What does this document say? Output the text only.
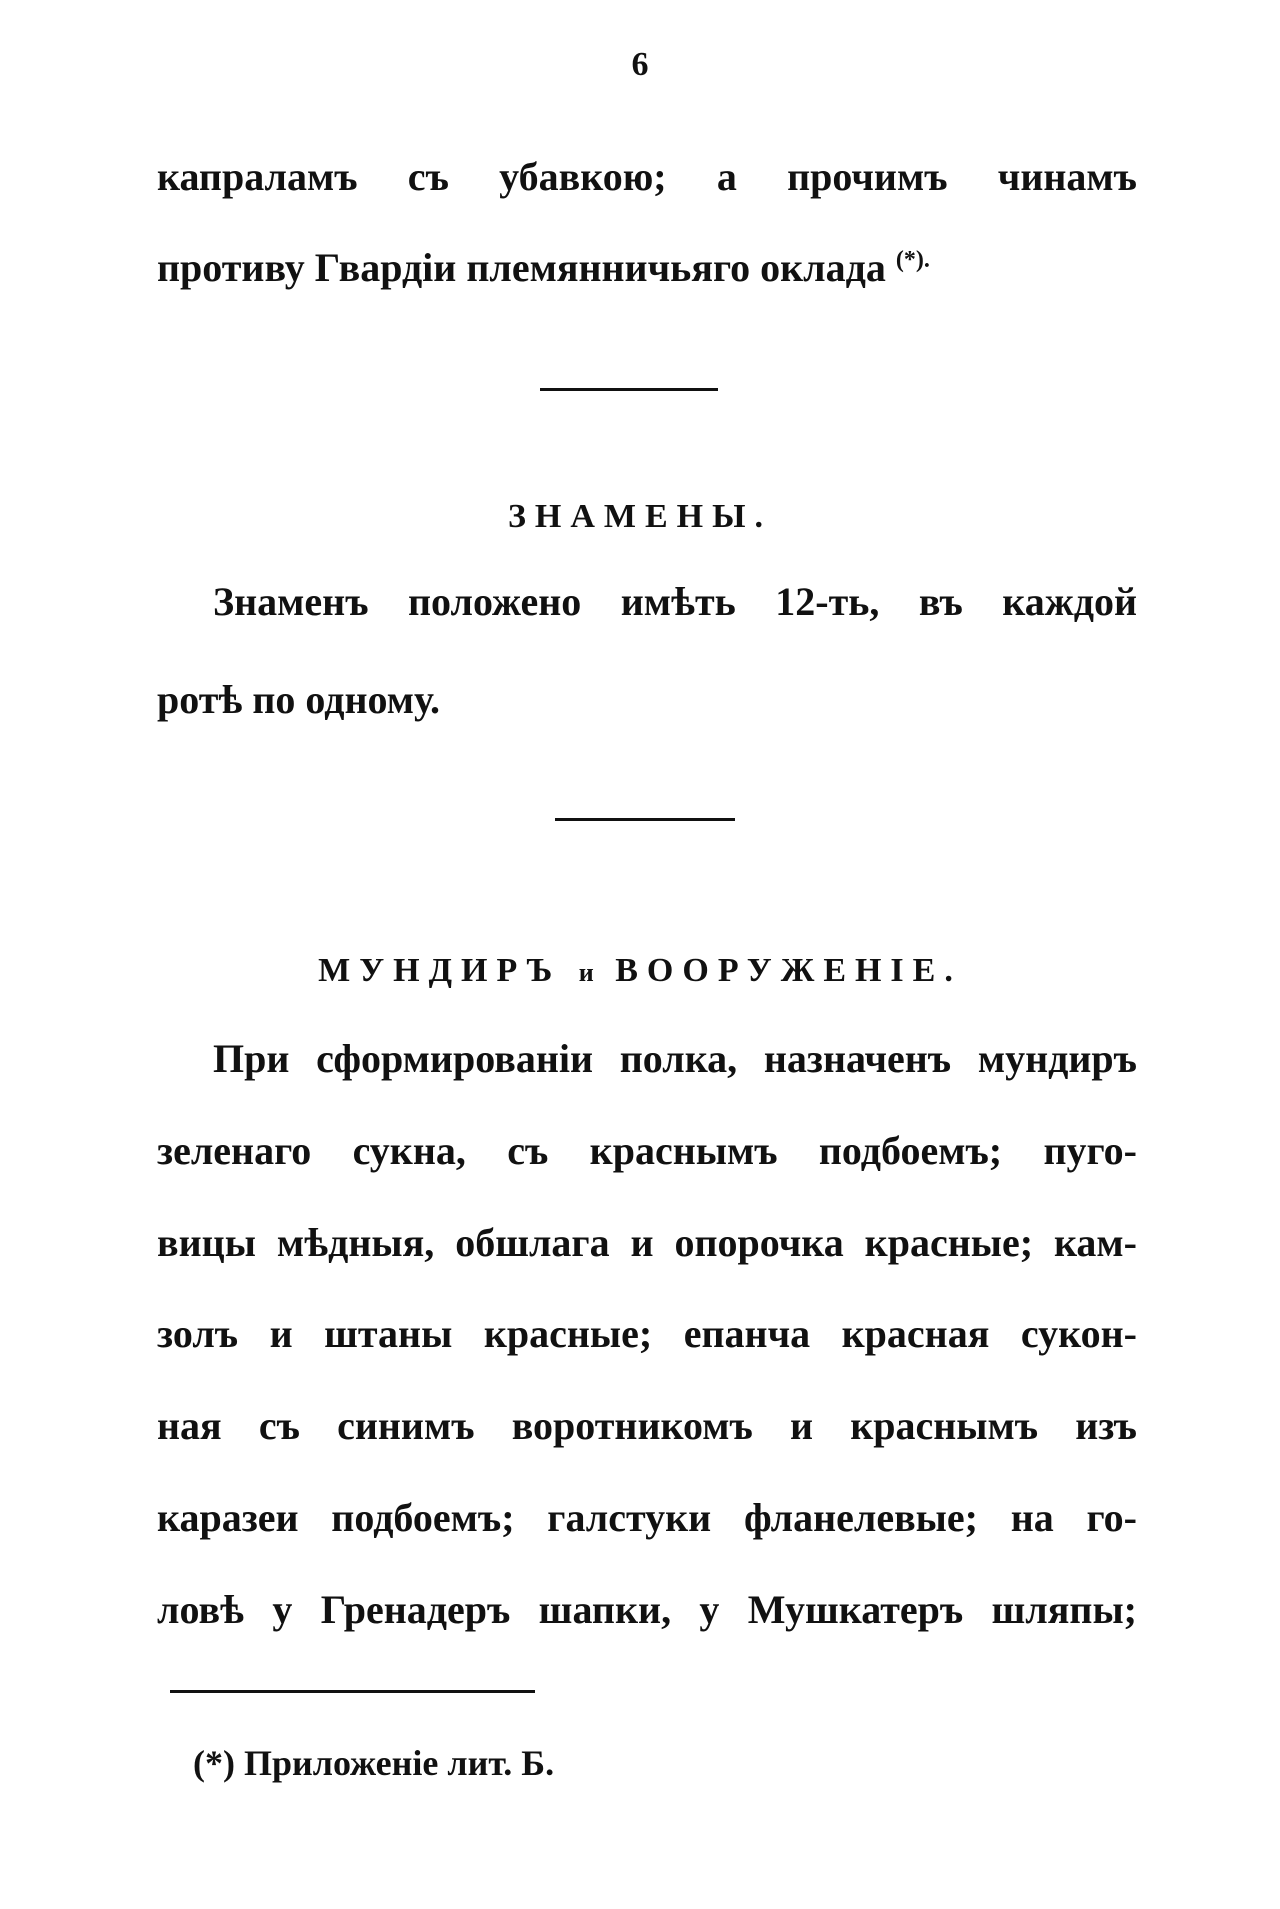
6
капраламъ съ убавкою; а прочимъ чинамъ
противу Гвардіи племянничьяго оклада (*).
ЗНАМЕНЫ.
Знаменъ положено имѣть 12-ть, въ каждой
ротѣ по одному.
МУНДИРЪ и ВООРУЖЕНІЕ.
При сформированіи полка, назначенъ мундиръ
зеленаго сукна, съ краснымъ подбоемъ; пуго-
вицы мѣдныя, обшлага и опорочка красные; кам-
золъ и штаны красные; епанча красная сукон-
ная съ синимъ воротникомъ и краснымъ изъ
каразеи подбоемъ; галстуки фланелевые; на го-
ловѣ у Гренадеръ шапки, у Мушкатеръ шляпы;
(*) Приложеніе лит. Б.
